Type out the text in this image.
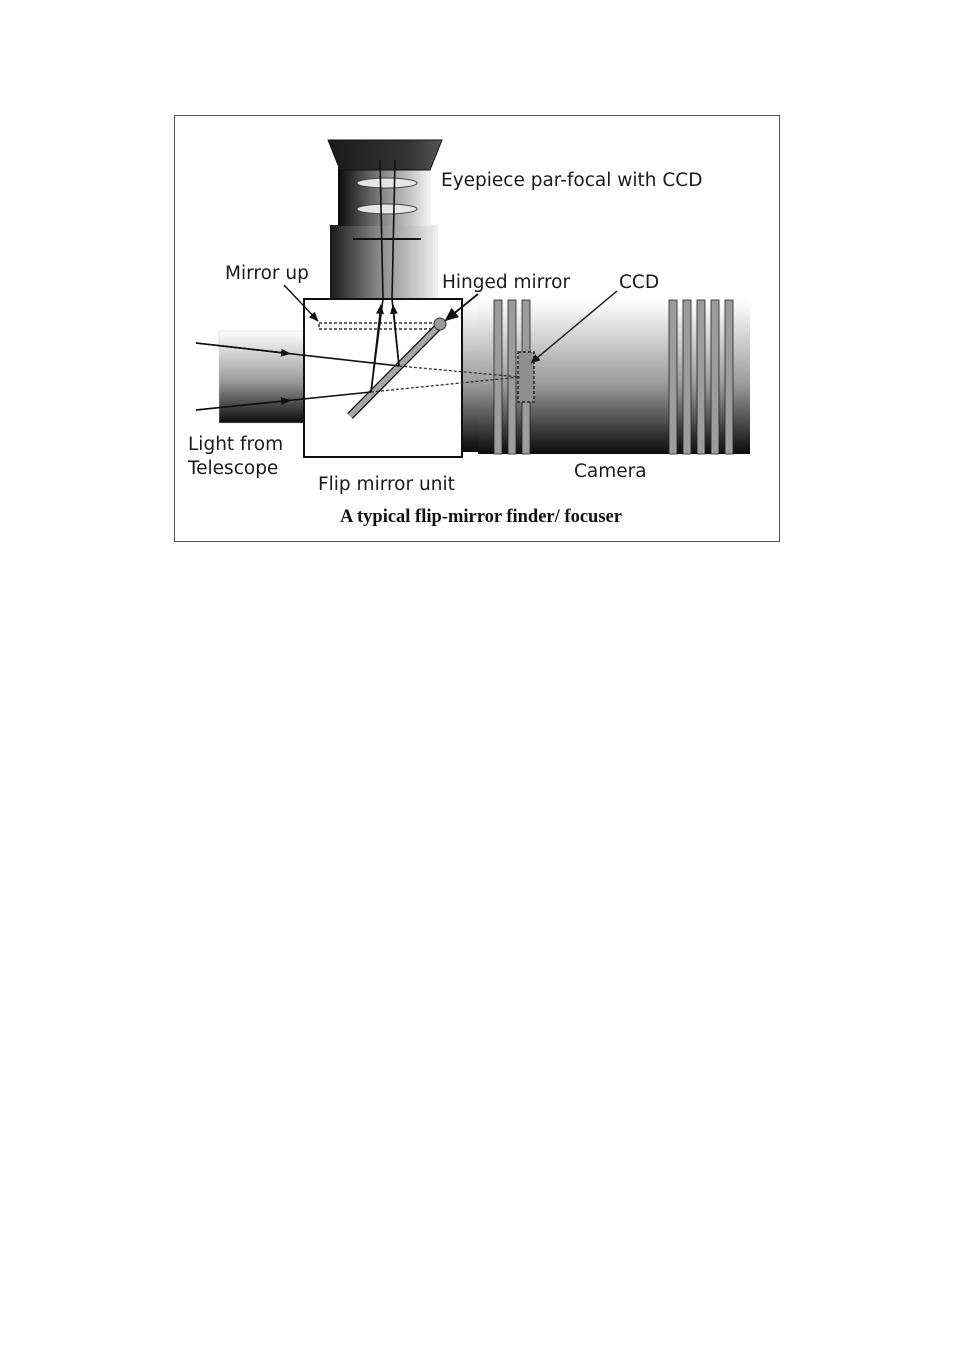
Eyepiece par-focal with CCD
Mirror up	Hinged mirror	CCD
Light from
Telescope
Flip mirror unit
Camera
A typical flip-mirror finder/ focuser
